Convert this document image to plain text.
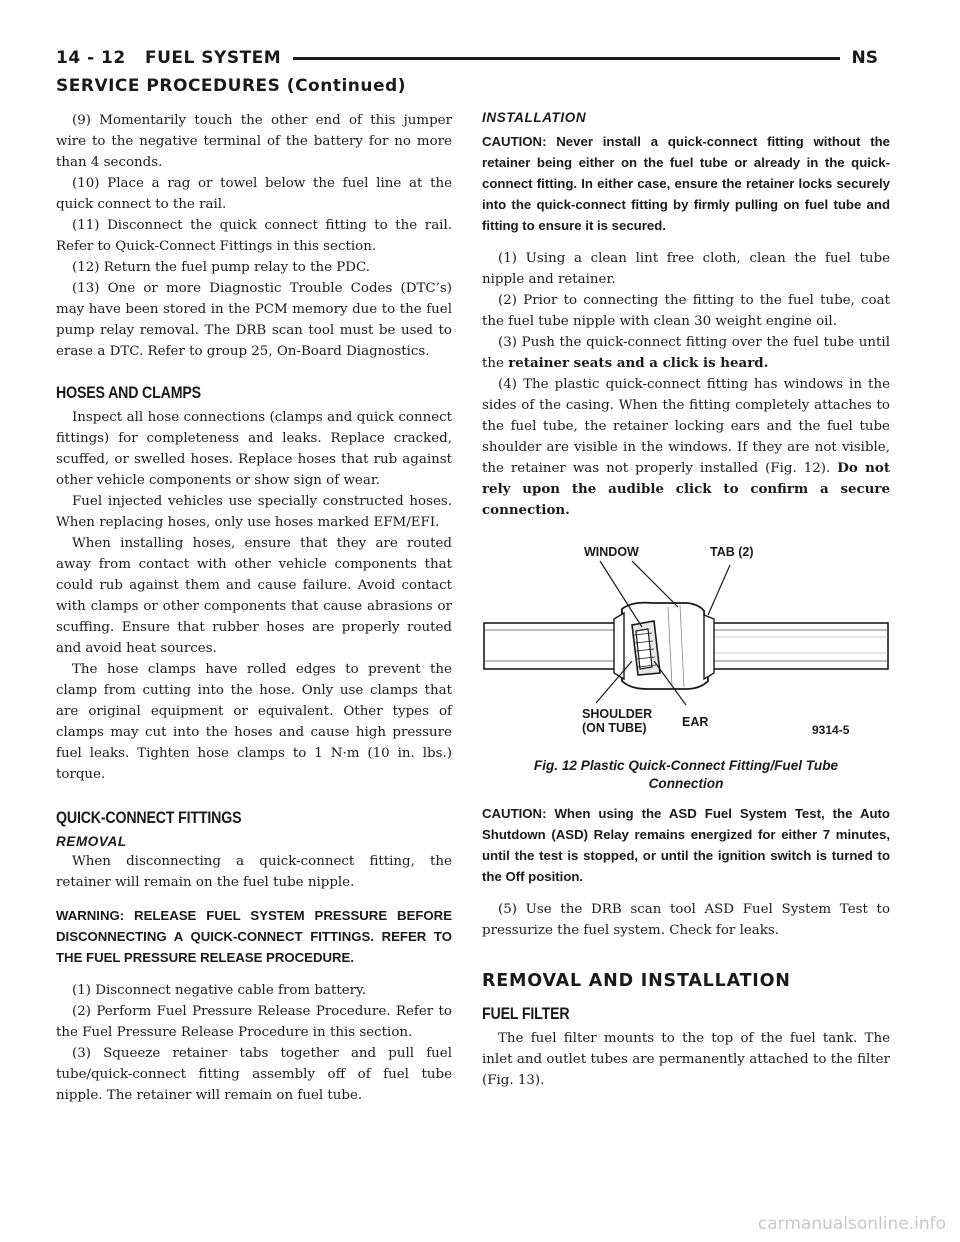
14 - 12 FUEL SYSTEM	NS
SERVICE PROCEDURES (Continued)

(9) Momentarily touch the other end of this jumper wire to the negative terminal of the battery for no more than 4 seconds.

(10) Place a rag or towel below the fuel line at the quick connect to the rail.

(11) Disconnect the quick connect fitting to the rail. Refer to Quick-Connect Fittings in this section.

(12) Return the fuel pump relay to the PDC.

(13) One or more Diagnostic Trouble Codes (DTC’s) may have been stored in the PCM memory due to the fuel pump relay removal. The DRB scan tool must be used to erase a DTC. Refer to group 25, On-Board Diagnostics.

HOSES AND CLAMPS

Inspect all hose connections (clamps and quick connect fittings) for completeness and leaks. Replace cracked, scuffed, or swelled hoses. Replace hoses that rub against other vehicle components or show sign of wear.

Fuel injected vehicles use specially constructed hoses. When replacing hoses, only use hoses marked EFM/EFI.

When installing hoses, ensure that they are routed away from contact with other vehicle components that could rub against them and cause failure. Avoid contact with clamps or other components that cause abrasions or scuffing. Ensure that rubber hoses are properly routed and avoid heat sources.

The hose clamps have rolled edges to prevent the clamp from cutting into the hose. Only use clamps that are original equipment or equivalent. Other types of clamps may cut into the hoses and cause high pressure fuel leaks. Tighten hose clamps to 1 N·m (10 in. lbs.) torque.

QUICK-CONNECT FITTINGS
REMOVAL

When disconnecting a quick-connect fitting, the retainer will remain on the fuel tube nipple.

WARNING: RELEASE FUEL SYSTEM PRESSURE BEFORE DISCONNECTING A QUICK-CONNECT FITTINGS. REFER TO THE FUEL PRESSURE RELEASE PROCEDURE.

(1) Disconnect negative cable from battery.

(2) Perform Fuel Pressure Release Procedure. Refer to the Fuel Pressure Release Procedure in this section.

(3) Squeeze retainer tabs together and pull fuel tube/quick-connect fitting assembly off of fuel tube nipple. The retainer will remain on fuel tube.

INSTALLATION

CAUTION: Never install a quick-connect fitting without the retainer being either on the fuel tube or already in the quick-connect fitting. In either case, ensure the retainer locks securely into the quick-connect fitting by firmly pulling on fuel tube and fitting to ensure it is secured.

(1) Using a clean lint free cloth, clean the fuel tube nipple and retainer.

(2) Prior to connecting the fitting to the fuel tube, coat the fuel tube nipple with clean 30 weight engine oil.

(3) Push the quick-connect fitting over the fuel tube until the retainer seats and a click is heard.

(4) The plastic quick-connect fitting has windows in the sides of the casing. When the fitting completely attaches to the fuel tube, the retainer locking ears and the fuel tube shoulder are visible in the windows. If they are not visible, the retainer was not properly installed (Fig. 12). Do not rely upon the audible click to confirm a secure connection.

WINDOW	TAB (2)
SHOULDER
(ON TUBE)	EAR
9314-5
Fig. 12 Plastic Quick-Connect Fitting/Fuel Tube
Connection

CAUTION: When using the ASD Fuel System Test, the Auto Shutdown (ASD) Relay remains energized for either 7 minutes, until the test is stopped, or until the ignition switch is turned to the Off position.

(5) Use the DRB scan tool ASD Fuel System Test to pressurize the fuel system. Check for leaks.

REMOVAL AND INSTALLATION
FUEL FILTER

The fuel filter mounts to the top of the fuel tank. The inlet and outlet tubes are permanently attached to the filter (Fig. 13).

carmanualsonline.info
